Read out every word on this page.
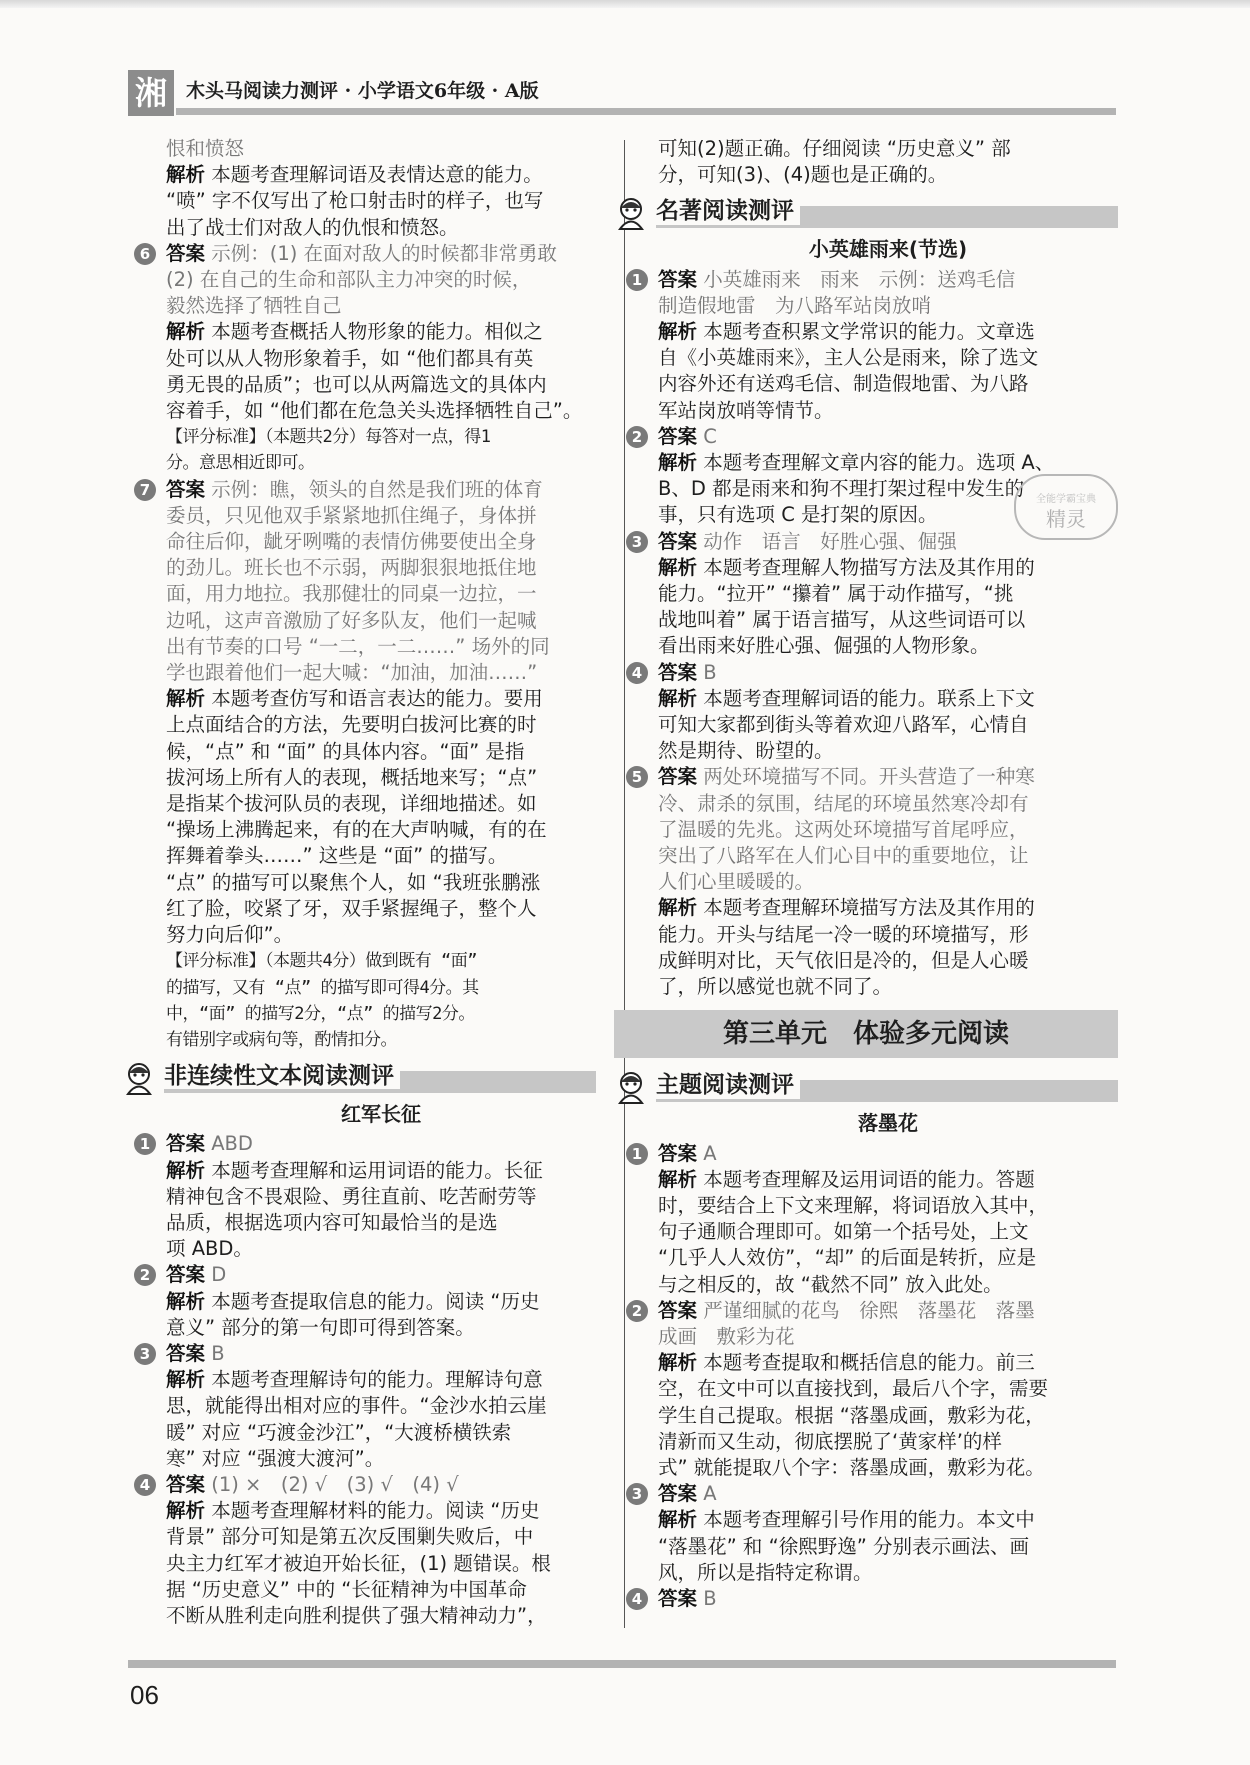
湘	木头马阅读力测评 · 小学语文6年级 · A版

恨和愤怒

解析 本题考查理解词语及表情达意的能力。

“喷” 字不仅写出了枪口射击时的样子，也写

出了战士们对敌人的仇恨和愤怒。

6 答案 示例：(1) 在面对敌人的时候都非常勇敢

(2) 在自己的生命和部队主力冲突的时候，

毅然选择了牺牲自己

解析 本题考查概括人物形象的能力。相似之

处可以从人物形象着手，如 “他们都具有英

勇无畏的品质”；也可以从两篇选文的具体内

容着手，如 “他们都在危急关头选择牺牲自己”。

【评分标准】（本题共2分）每答对一点，得1

分。意思相近即可。

7 答案 示例：瞧，领头的自然是我们班的体育

委员，只见他双手紧紧地抓住绳子，身体拼

命往后仰，龇牙咧嘴的表情仿佛要使出全身

的劲儿。班长也不示弱，两脚狠狠地抵住地

面，用力地拉。我那健壮的同桌一边拉，一

边吼，这声音激励了好多队友，他们一起喊

出有节奏的口号 “一二，一二……” 场外的同

学也跟着他们一起大喊：“加油，加油……”

解析 本题考查仿写和语言表达的能力。要用

上点面结合的方法，先要明白拔河比赛的时

候，“点” 和 “面” 的具体内容。“面” 是指

拔河场上所有人的表现，概括地来写；“点”

是指某个拔河队员的表现，详细地描述。如

“操场上沸腾起来，有的在大声呐喊，有的在

挥舞着拳头……” 这些是 “面” 的描写。

“点” 的描写可以聚焦个人，如 “我班张鹏涨

红了脸，咬紧了牙，双手紧握绳子，整个人

努力向后仰”。

【评分标准】（本题共4分）做到既有 “面”

的描写，又有 “点” 的描写即可得4分。其

中，“面” 的描写2分，“点” 的描写2分。

有错别字或病句等，酌情扣分。

非连续性文本阅读测评
红军长征

1 答案 ABD

解析 本题考查理解和运用词语的能力。长征

精神包含不畏艰险、勇往直前、吃苦耐劳等

品质，根据选项内容可知最恰当的是选

项 ABD。

2 答案 D

解析 本题考查提取信息的能力。阅读 “历史

意义” 部分的第一句即可得到答案。

3 答案 B

解析 本题考查理解诗句的能力。理解诗句意

思，就能得出相对应的事件。“金沙水拍云崖

暖” 对应 “巧渡金沙江”，“大渡桥横铁索

寒” 对应 “强渡大渡河”。

4 答案 (1) ×　(2) √　(3) √　(4) √

解析 本题考查理解材料的能力。阅读 “历史

背景” 部分可知是第五次反围剿失败后，中

央主力红军才被迫开始长征，(1) 题错误。根

据 “历史意义” 中的 “长征精神为中国革命

不断从胜利走向胜利提供了强大精神动力”，

可知(2)题正确。仔细阅读 “历史意义” 部

分，可知(3)、(4)题也是正确的。

名著阅读测评
小英雄雨来(节选)

1 答案 小英雄雨来　雨来　示例：送鸡毛信

制造假地雷　为八路军站岗放哨

解析 本题考查积累文学常识的能力。文章选

自《小英雄雨来》，主人公是雨来，除了选文

内容外还有送鸡毛信、制造假地雷、为八路

军站岗放哨等情节。

2 答案 C

解析 本题考查理解文章内容的能力。选项 A、

B、D 都是雨来和狗不理打架过程中发生的

事，只有选项 C 是打架的原因。

3 答案 动作　语言　好胜心强、倔强

解析 本题考查理解人物描写方法及其作用的

能力。“拉开” “攥着” 属于动作描写，“挑

战地叫着” 属于语言描写，从这些词语可以

看出雨来好胜心强、倔强的人物形象。

4 答案 B

解析 本题考查理解词语的能力。联系上下文

可知大家都到街头等着欢迎八路军，心情自

然是期待、盼望的。

5 答案 两处环境描写不同。开头营造了一种寒

冷、肃杀的氛围，结尾的环境虽然寒冷却有

了温暖的先兆。这两处环境描写首尾呼应，

突出了八路军在人们心目中的重要地位，让

人们心里暖暖的。

解析 本题考查理解环境描写方法及其作用的

能力。开头与结尾一冷一暖的环境描写，形

成鲜明对比，天气依旧是冷的，但是人心暖

了，所以感觉也就不同了。

第三单元　体验多元阅读
主题阅读测评
落墨花

1 答案 A

解析 本题考查理解及运用词语的能力。答题

时，要结合上下文来理解，将词语放入其中，

句子通顺合理即可。如第一个括号处，上文

“几乎人人效仿”，“却” 的后面是转折，应是

与之相反的，故 “截然不同” 放入此处。

2 答案 严谨细腻的花鸟　徐熙　落墨花　落墨

成画　敷彩为花

解析 本题考查提取和概括信息的能力。前三

空，在文中可以直接找到，最后八个字，需要

学生自己提取。根据 “落墨成画，敷彩为花，

清新而又生动，彻底摆脱了‘黄家样’的样

式” 就能提取八个字：落墨成画，敷彩为花。

3 答案 A

解析 本题考查理解引号作用的能力。本文中

“落墨花” 和 “徐熙野逸” 分别表示画法、画

风，所以是指特定称谓。

4 答案 B

全能学霸宝典
精灵
06
